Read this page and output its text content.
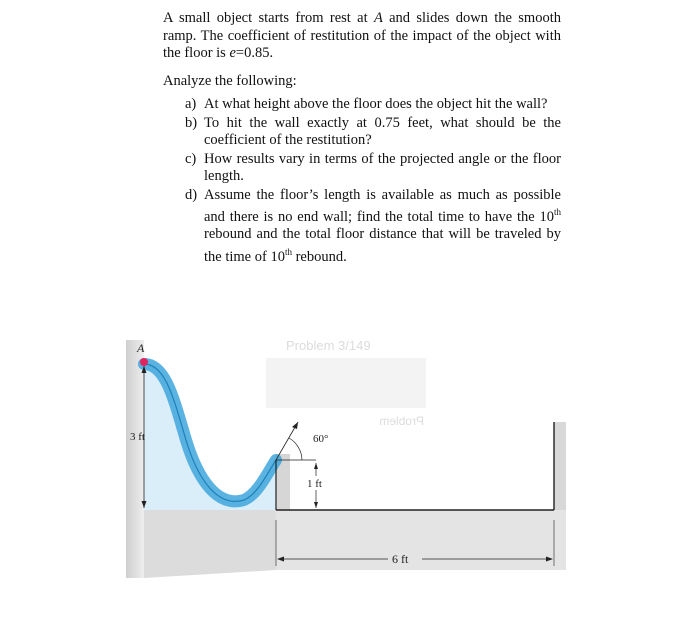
A small object starts from rest at A and slides down the smooth ramp. The coefficient of restitution of the impact of the object with the floor is e=0.85.

Analyze the following:

a) At what height above the floor does the object hit the wall?
b) To hit the wall exactly at 0.75 feet, what should be the coefficient of the restitution?
c) How results vary in terms of the projected angle or the floor length.
d) Assume the floor’s length is available as much as possible and there is no end wall; find the total time to have the 10th rebound and the total floor distance that will be traveled by the time of 10th rebound.
Problem 3/149
Problem
A
3 ft	60°
1 ft
6 ft
